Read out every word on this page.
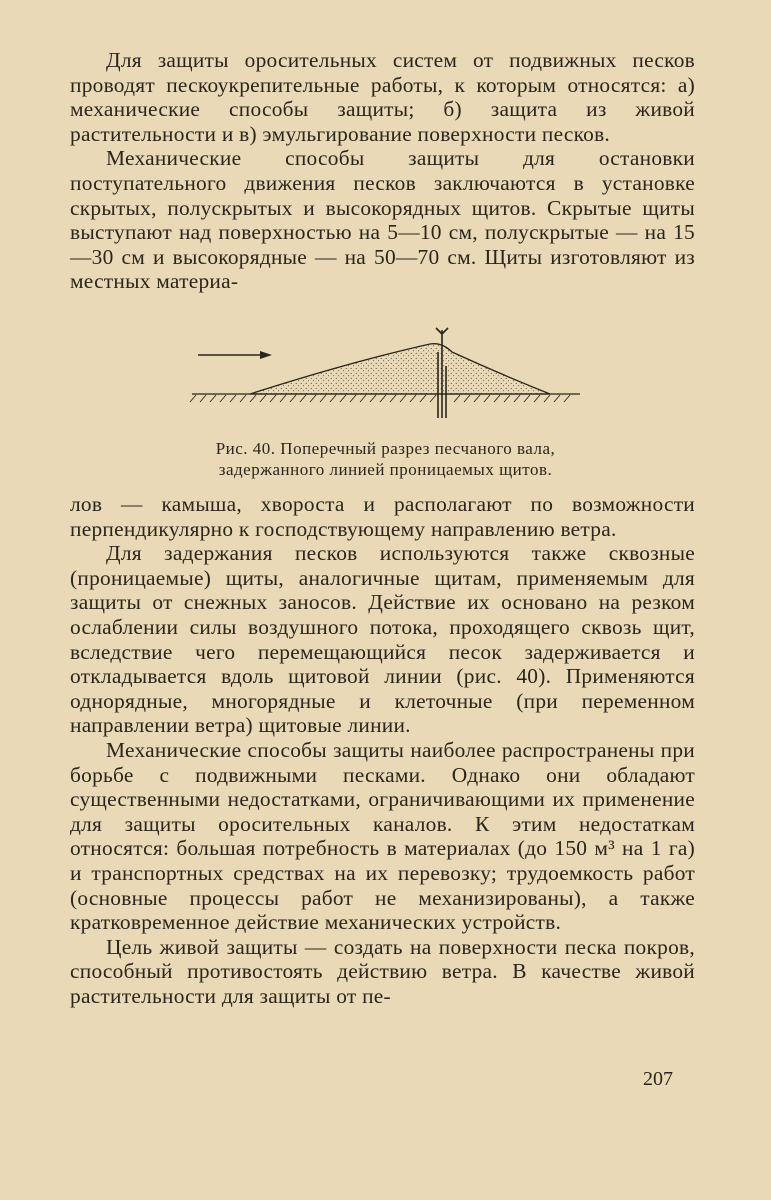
Для защиты оросительных систем от подвижных песков проводят пескоукрепительные работы, к которым относятся: а) механические способы защиты; б) защита из живой растительности и в) эмульгирование поверхности песков.

Механические способы защиты для остановки поступательного движения песков заключаются в установке скрытых, полускрытых и высокорядных щитов. Скрытые щиты выступают над поверхностью на 5—10 см, полускрытые — на 15—30 см и высокорядные — на 50—70 см. Щиты изготовляют из местных материа-

Рис. 40. Поперечный разрез песчаного вала,
задержанного линией проницаемых щитов.

лов — камыша, хвороста и располагают по возможности перпендикулярно к господствующему направлению ветра.

Для задержания песков используются также сквозные (проницаемые) щиты, аналогичные щитам, применяемым для защиты от снежных заносов. Действие их основано на резком ослаблении силы воздушного потока, проходящего сквозь щит, вследствие чего перемещающийся песок задерживается и откладывается вдоль щитовой линии (рис. 40). Применяются однорядные, многорядные и клеточные (при переменном направлении ветра) щитовые линии.

Механические способы защиты наиболее распространены при борьбе с подвижными песками. Однако они обладают существенными недостатками, ограничивающими их применение для защиты оросительных каналов. К этим недостаткам относятся: большая потребность в материалах (до 150 м³ на 1 га) и транспортных средствах на их перевозку; трудоемкость работ (основные процессы работ не механизированы), а также кратковременное действие механических устройств.

Цель живой защиты — создать на поверхности песка покров, способный противостоять действию ветра. В качестве живой растительности для защиты от пе-

207
